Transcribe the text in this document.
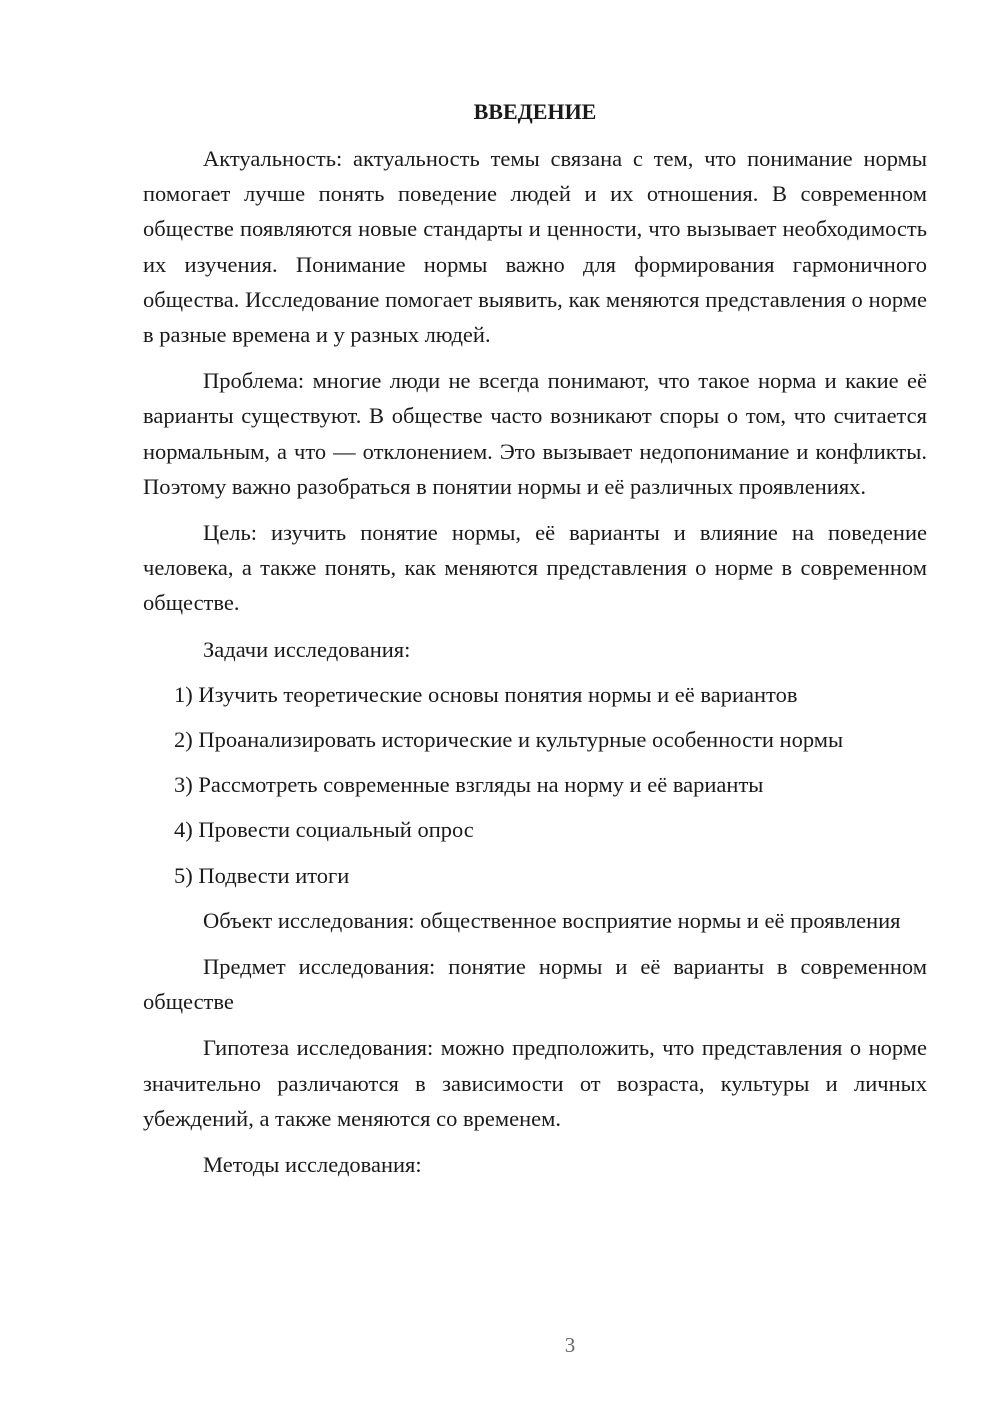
ВВЕДЕНИЕ

Актуальность: актуальность темы связана с тем, что понимание нормы помогает лучше понять поведение людей и их отношения. В современном обществе появляются новые стандарты и ценности, что вызывает необходимость их изучения. Понимание нормы важно для формирования гармоничного общества. Исследование помогает выявить, как меняются представления о норме в разные времена и у разных людей.

Проблема: многие люди не всегда понимают, что такое норма и какие её варианты существуют. В обществе часто возникают споры о том, что считается нормальным, а что — отклонением. Это вызывает недопонимание и конфликты. Поэтому важно разобраться в понятии нормы и её различных проявлениях.

Цель: изучить понятие нормы, её варианты и влияние на поведение человека, а также понять, как меняются представления о норме в современном обществе.

Задачи исследования:
1) Изучить теоретические основы понятия нормы и её вариантов
2) Проанализировать исторические и культурные особенности нормы
3) Рассмотреть современные взгляды на норму и её варианты
4) Провести социальный опрос
5) Подвести итоги

Объект исследования: общественное восприятие нормы и её проявления

Предмет исследования: понятие нормы и её варианты в современном обществе

Гипотеза исследования: можно предположить, что представления о норме значительно различаются в зависимости от возраста, культуры и личных убеждений, а также меняются со временем.

Методы исследования:
3
